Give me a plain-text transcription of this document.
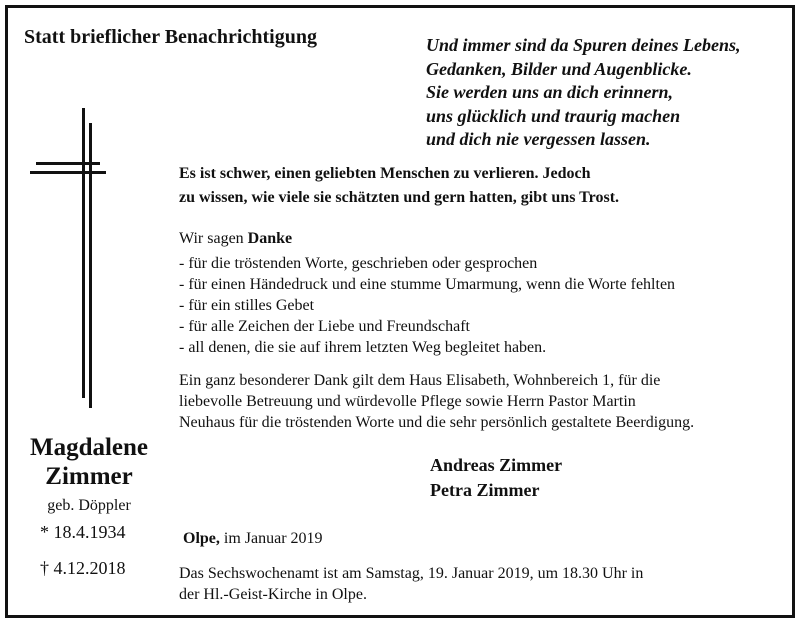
Statt brieflicher Benachrichtigung	Und immer sind da Spuren deines Lebens,
Gedanken, Bilder und Augenblicke.
Sie werden uns an dich erinnern,
uns glücklich und traurig machen
und dich nie vergessen lassen.
Es ist schwer, einen geliebten Menschen zu verlieren. Jedoch
zu wissen, wie viele sie schätzten und gern hatten, gibt uns Trost.
Wir sagen Danke
- für die tröstenden Worte, geschrieben oder gesprochen
- für einen Händedruck und eine stumme Umarmung, wenn die Worte fehlten
- für ein stilles Gebet
- für alle Zeichen der Liebe und Freundschaft
- all denen, die sie auf ihrem letzten Weg begleitet haben.
Ein ganz besonderer Dank gilt dem Haus Elisabeth, Wohnbereich 1, für die
liebevolle Betreuung und würdevolle Pflege sowie Herrn Pastor Martin
Neuhaus für die tröstenden Worte und die sehr persönlich gestaltete Beerdigung.
Andreas Zimmer
Petra Zimmer
Olpe, im Januar 2019
Das Sechswochenamt ist am Samstag, 19. Januar 2019, um 18.30 Uhr in
der Hl.-Geist-Kirche in Olpe.
Magdalene
Zimmer
geb. Döppler
* 18.4.1934
† 4.12.2018
